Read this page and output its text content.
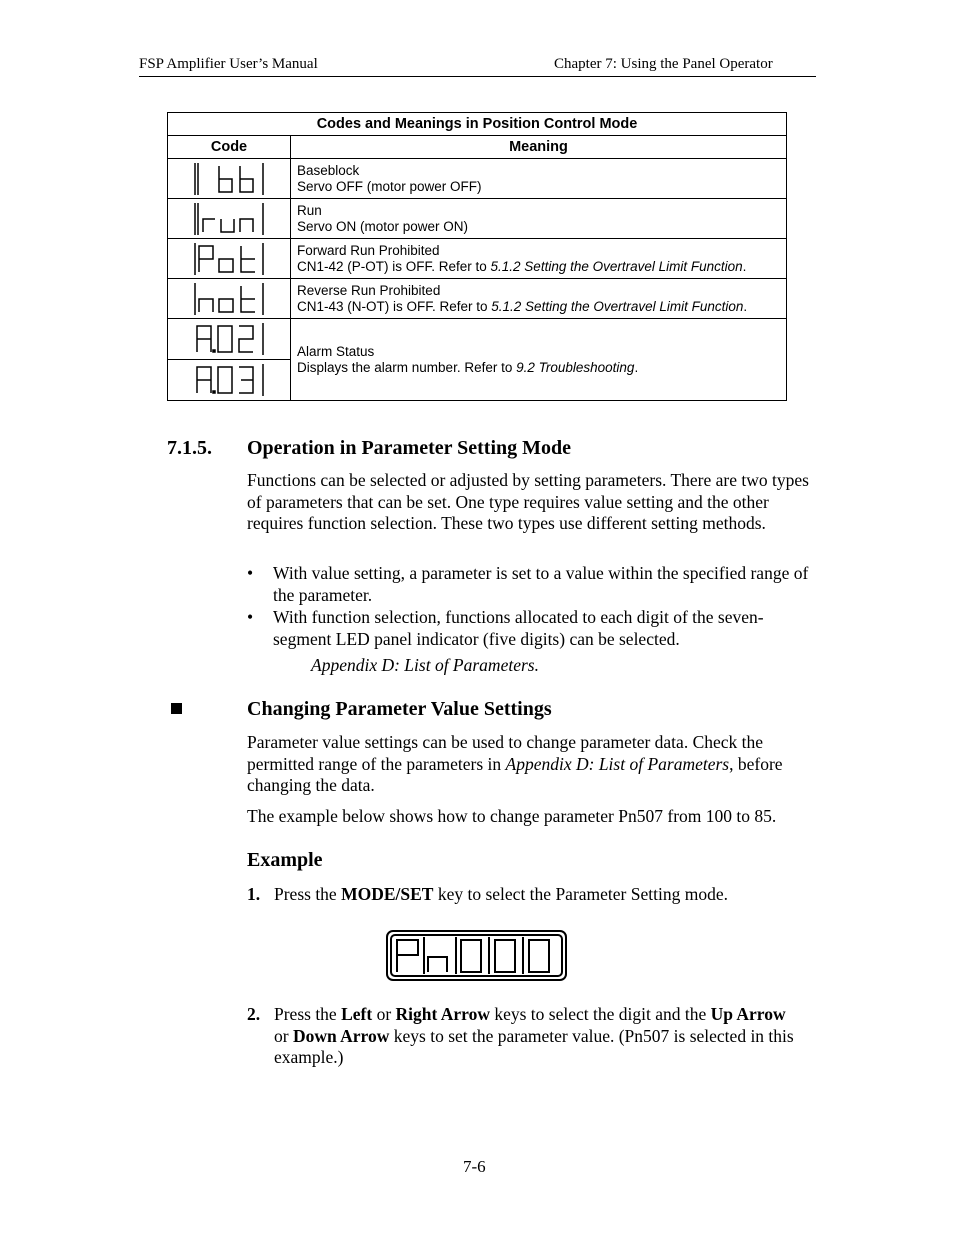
FSP Amplifier User’s Manual	Chapter 7: Using the Panel Operator
Codes and Meanings in Position Control Mode	
Code	Meaning

Baseblock
Servo OFF (motor power OFF)

Run
Servo ON (motor power ON)

Forward Run Prohibited
CN1-42 (P-OT) is OFF. Refer to 5.1.2 Setting the Overtravel Limit Function.

Reverse Run Prohibited
CN1-43 (N-OT) is OFF. Refer to 5.1.2 Setting the Overtravel Limit Function.

Alarm Status
Displays the alarm number. Refer to 9.2 Troubleshooting.

7.1.5. Operation in Parameter Setting Mode
Functions can be selected or adjusted by setting parameters. There are two types of parameters that can be set. One type requires value setting and the other requires function selection. These two types use different setting methods.
• With value setting, a parameter is set to a value within the specified range of the parameter.
• With function selection, functions allocated to each digit of the seven-segment LED panel indicator (five digits) can be selected.
Appendix D: List of Parameters.
Changing Parameter Value Settings
Parameter value settings can be used to change parameter data. Check the permitted range of the parameters in Appendix D: List of Parameters, before changing the data.
The example below shows how to change parameter Pn507 from 100 to 85.
Example
1. Press the MODE/SET key to select the Parameter Setting mode.
2. Press the Left or Right Arrow keys to select the digit and the Up Arrow or Down Arrow keys to set the parameter value. (Pn507 is selected in this example.)
7-6
